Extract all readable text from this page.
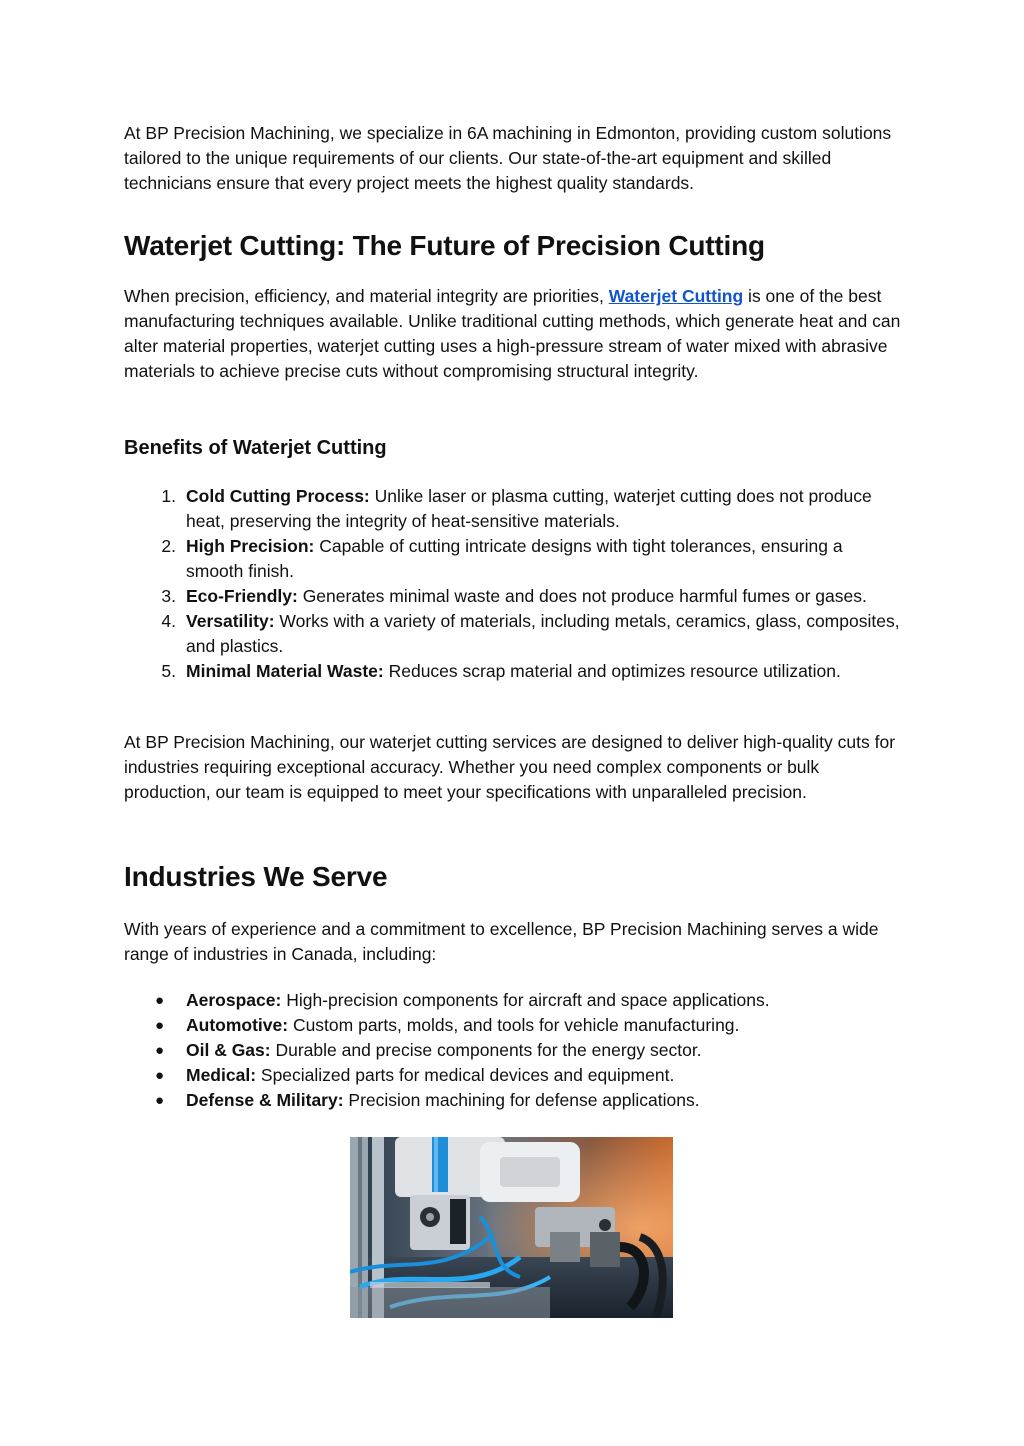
At BP Precision Machining, we specialize in 6A machining in Edmonton, providing custom solutions tailored to the unique requirements of our clients. Our state-of-the-art equipment and skilled technicians ensure that every project meets the highest quality standards.

Waterjet Cutting: The Future of Precision Cutting

When precision, efficiency, and material integrity are priorities, Waterjet Cutting is one of the best manufacturing techniques available. Unlike traditional cutting methods, which generate heat and can alter material properties, waterjet cutting uses a high-pressure stream of water mixed with abrasive materials to achieve precise cuts without compromising structural integrity.

Benefits of Waterjet Cutting
1. Cold Cutting Process: Unlike laser or plasma cutting, waterjet cutting does not produce heat, preserving the integrity of heat-sensitive materials.
2. High Precision: Capable of cutting intricate designs with tight tolerances, ensuring a smooth finish.
3. Eco-Friendly: Generates minimal waste and does not produce harmful fumes or gases.
4. Versatility: Works with a variety of materials, including metals, ceramics, glass, composites, and plastics.
5. Minimal Material Waste: Reduces scrap material and optimizes resource utilization.

At BP Precision Machining, our waterjet cutting services are designed to deliver high-quality cuts for industries requiring exceptional accuracy. Whether you need complex components or bulk production, our team is equipped to meet your specifications with unparalleled precision.

Industries We Serve

With years of experience and a commitment to excellence, BP Precision Machining serves a wide range of industries in Canada, including:

● Aerospace: High-precision components for aircraft and space applications.
● Automotive: Custom parts, molds, and tools for vehicle manufacturing.
● Oil & Gas: Durable and precise components for the energy sector.
● Medical: Specialized parts for medical devices and equipment.
● Defense & Military: Precision machining for defense applications.
